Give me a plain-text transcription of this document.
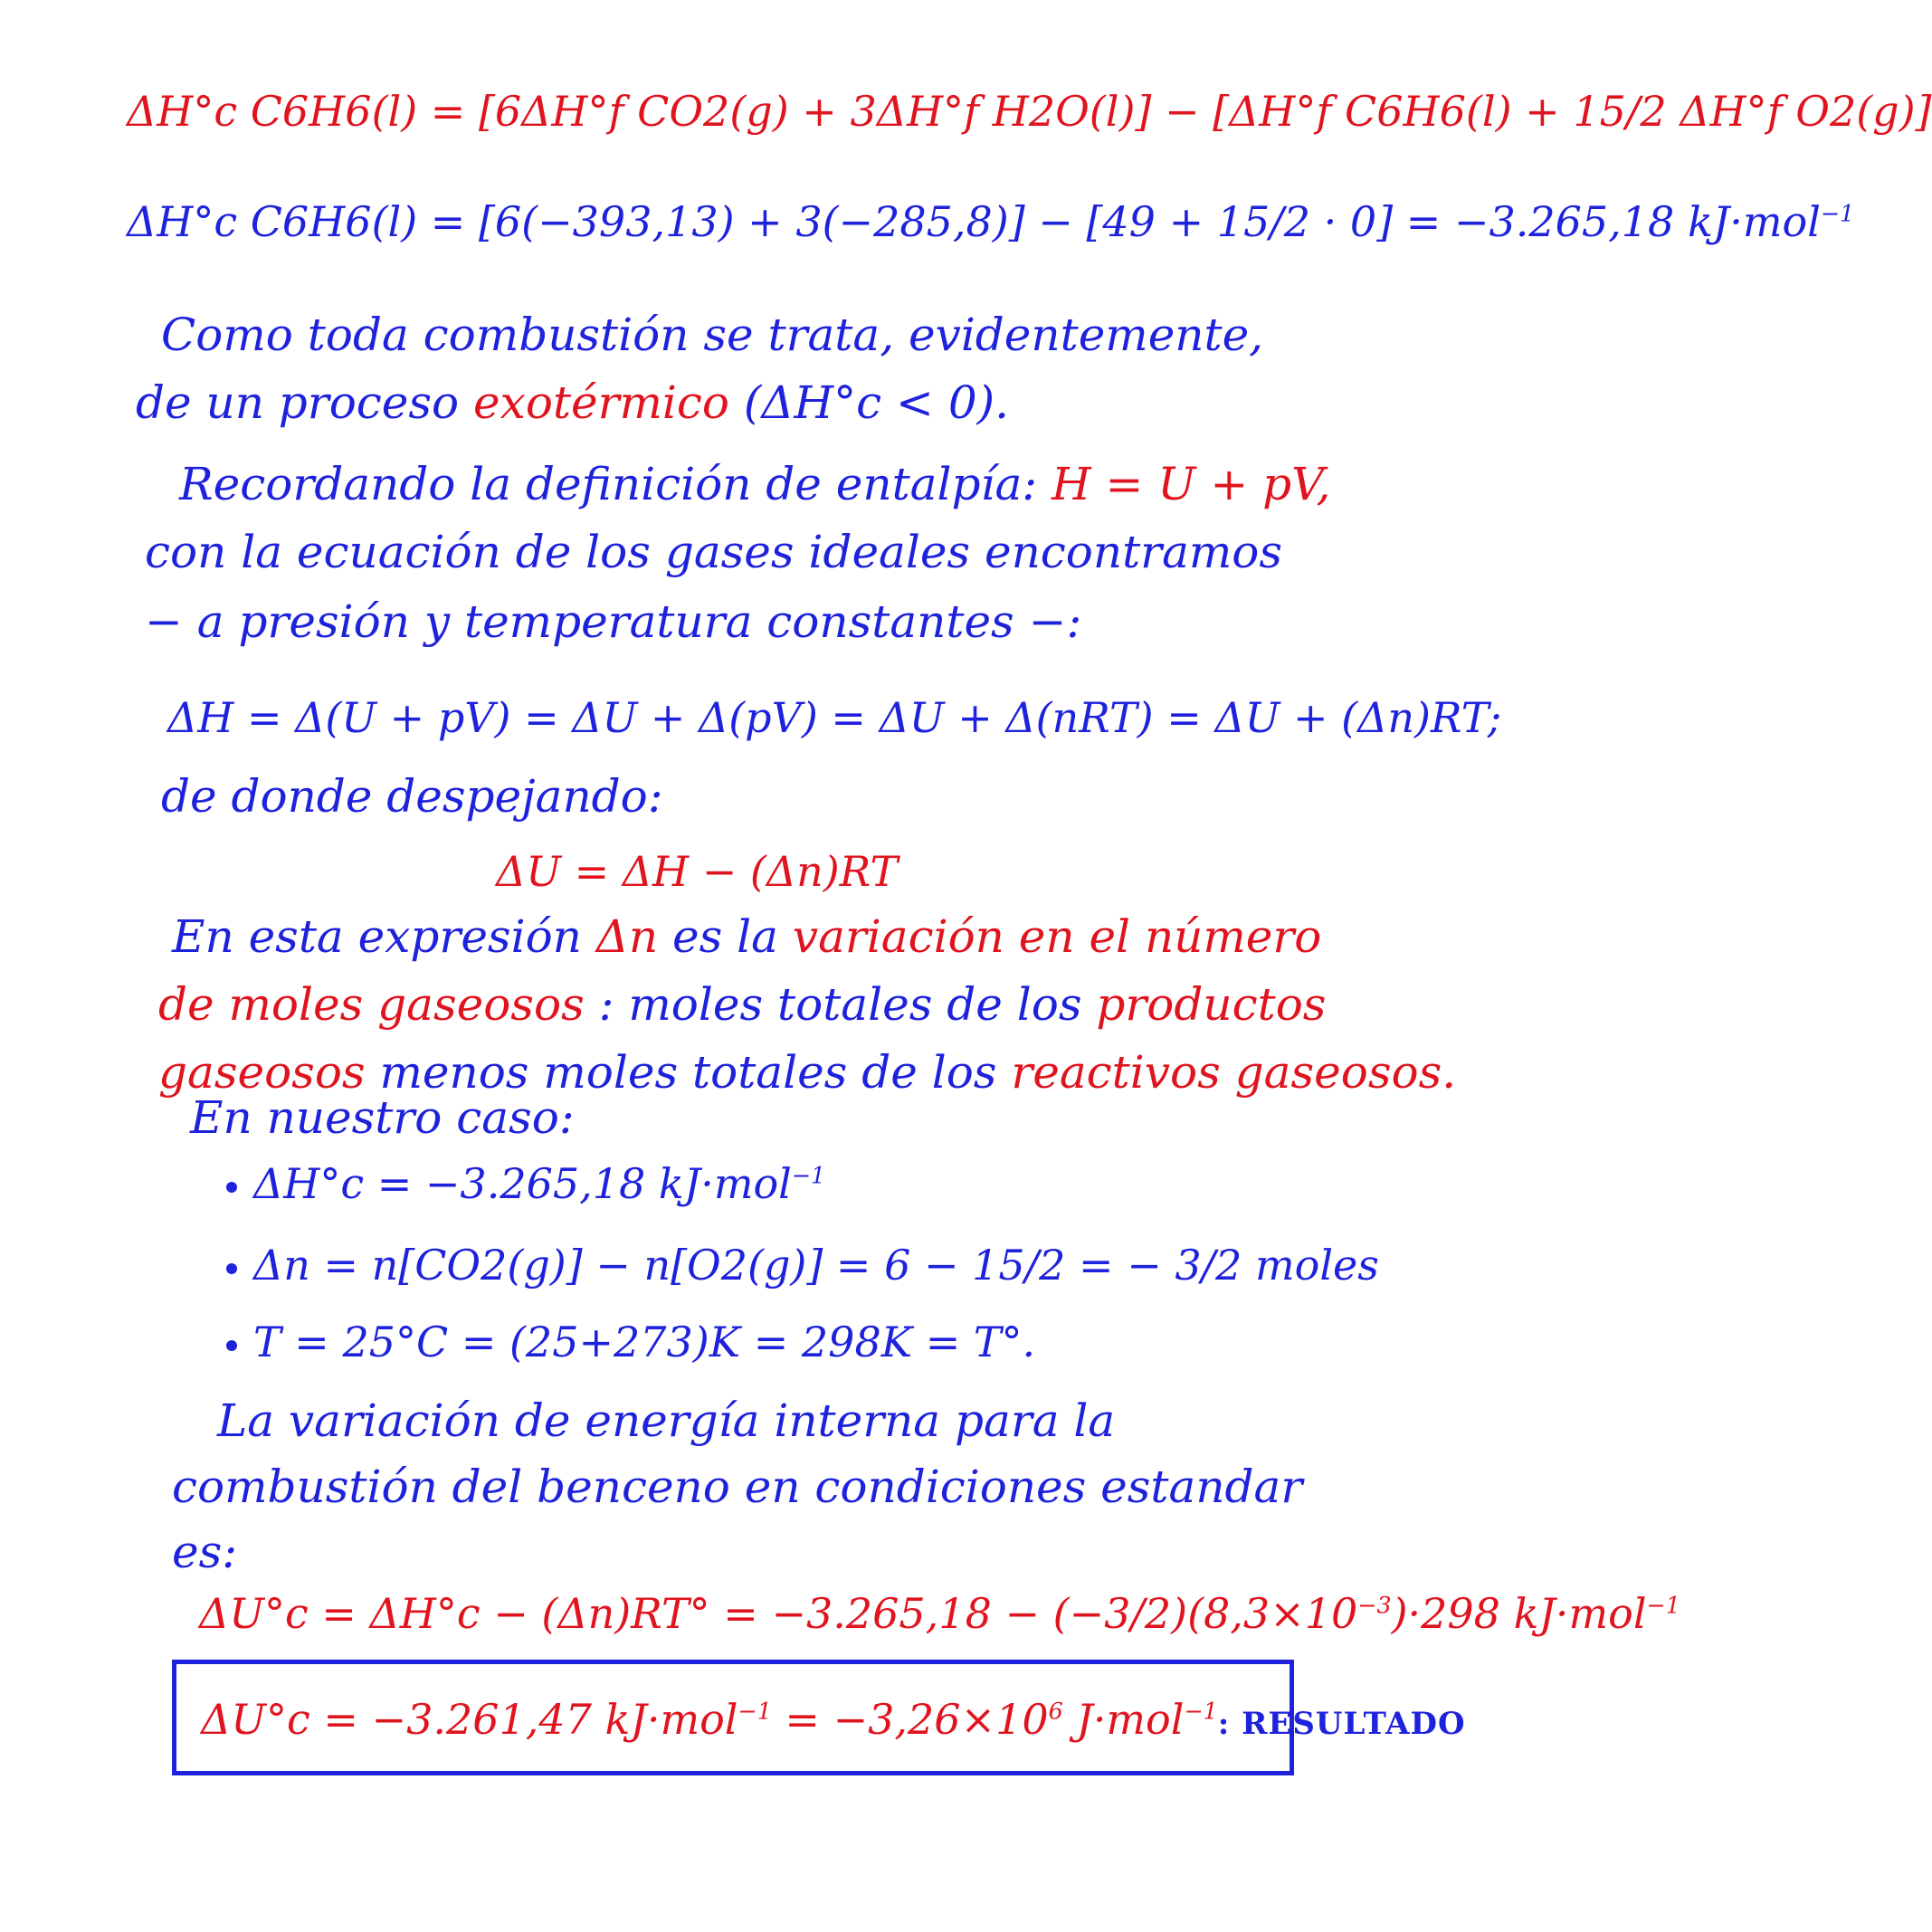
ΔH°c C6H6(l) = [6ΔH°f CO2(g) + 3ΔH°f H2O(l)] − [ΔH°f C6H6(l) + 15/2 ΔH°f O2(g)]
ΔH°c C6H6(l) = [6(−393,13) + 3(−285,8)] − [49 + 15/2 · 0] = −3.265,18 kJ·mol$^{-1}$
Como toda combustión se trata, evidentemente,
de un proceso exotérmico (ΔH°c < 0).
Recordando la definición de entalpía: H = U + pV,
con la ecuación de los gases ideales encontramos
− a presión y temperatura constantes −:
ΔH = Δ(U + pV) = ΔU + Δ(pV) = ΔU + Δ(nRT) = ΔU + (Δn)RT;
de donde despejando:
ΔU = ΔH − (Δn)RT
En esta expresión Δn es la variación en el número
de moles gaseosos : moles totales de los productos
gaseosos menos moles totales de los reactivos gaseosos.
En nuestro caso:
ΔH°c = −3.265,18 kJ·mol$^{-1}$
Δn = n[CO2(g)] − n[O2(g)] = 6 − 15/2 = − 3/2 moles
T = 25°C = (25+273)K = 298K = T°.
La variación de energía interna para la
combustión del benceno en condiciones estandar
es:
$\Delta U^\circ c = \Delta H^\circ c - (\Delta n)RT^\circ = -3.265,18 - (-3/2)(8,3\times 10^{-3})\cdot 298$ kJ·mol$^{-1}$
ΔU°c = −3.261,47 $kJ\cdot mol^{-1} = -3,26\times 10^6$ J·mol$^{-1}$: RESULTADO
